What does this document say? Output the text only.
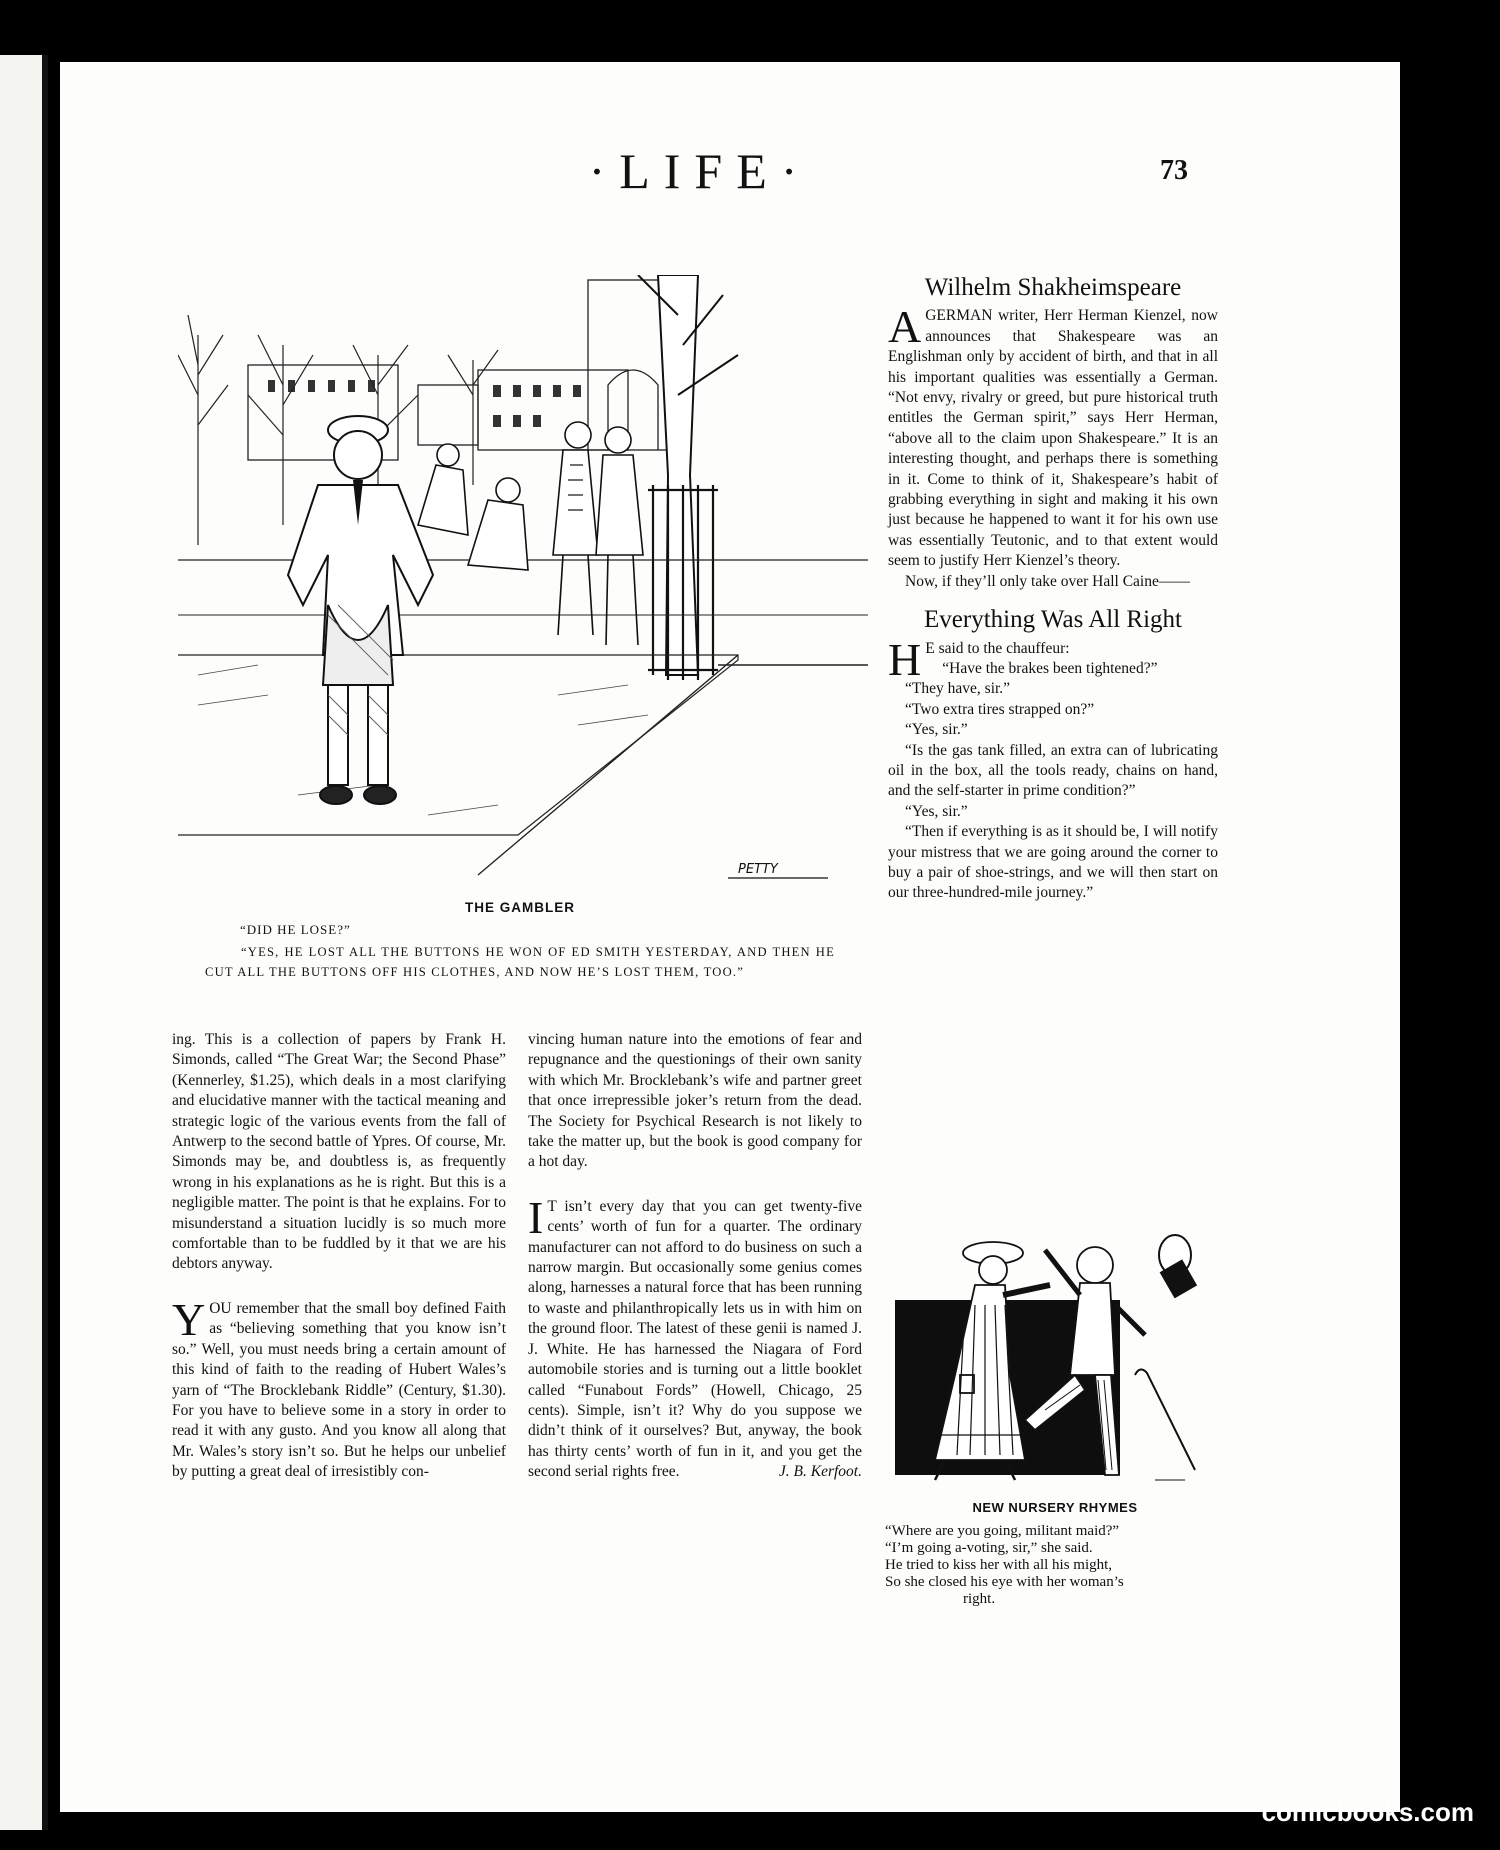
·LIFE·	73
PETTY
THE GAMBLER
“DID HE LOSE?”
“YES, HE LOST ALL THE BUTTONS HE WON OF ED SMITH YESTERDAY, AND THEN HE CUT ALL THE BUTTONS OFF HIS CLOTHES, AND NOW HE’S LOST THEM, TOO.”

ing. This is a collection of papers by Frank H. Simonds, called “The Great War; the Second Phase” (Kennerley, $1.25), which deals in a most clarifying and elucidative manner with the tactical meaning and strategic logic of the various events from the fall of Antwerp to the second battle of Ypres. Of course, Mr. Simonds may be, and doubtless is, as frequently wrong in his explanations as he is right. But this is a negligible matter. The point is that he explains. For to misunderstand a situation lucidly is so much more comfortable than to be fuddled by it that we are his debtors anyway.

YOU remember that the small boy defined Faith as “believing something that you know isn’t so.” Well, you must needs bring a certain amount of this kind of faith to the reading of Hubert Wales’s yarn of “The Brocklebank Riddle” (Century, $1.30). For you have to believe some in a story in order to read it with any gusto. And you know all along that Mr. Wales’s story isn’t so. But he helps our unbelief by putting a great deal of irresistibly con-

vincing human nature into the emotions of fear and repugnance and the questionings of their own sanity with which Mr. Brocklebank’s wife and partner greet that once irrepressible joker’s return from the dead. The Society for Psychical Research is not likely to take the matter up, but the book is good company for a hot day.

I T isn’t every day that you can get twenty-five cents’ worth of fun for a quarter. The ordinary manufacturer can not afford to do business on such a narrow margin. But occasionally some genius comes along, harnesses a natural force that has been running to waste and philanthropically lets us in with him on the ground floor. The latest of these genii is named J. J. White. He has harnessed the Niagara of Ford automobile stories and is turning out a little booklet called “Funabout Fords” (Howell, Chicago, 25 cents). Simple, isn’t it? Why do you suppose we didn’t think of it ourselves? But, anyway, the book has thirty cents’ worth of fun in it, and you get the second serial rights free.	J. B. Kerfoot.

Wilhelm Shakheimspeare

AGERMAN writer, Herr Herman Kienzel, now announces that Shakespeare was an Englishman only by accident of birth, and that in all his important qualities was essentially a German. “Not envy, rivalry or greed, but pure historical truth entitles the German spirit,” says Herr Herman, “above all to the claim upon Shakespeare.” It is an interesting thought, and perhaps there is something in it. Come to think of it, Shakespeare’s habit of grabbing everything in sight and making it his own just because he happened to want it for his own use was essentially Teutonic, and to that extent would seem to justify Herr Kienzel’s theory.

Now, if they’ll only take over Hall Caine——

Everything Was All Right

H E said to the chauffeur:

“Have the brakes been tightened?”

“They have, sir.”

“Two extra tires strapped on?”

“Yes, sir.”

“Is the gas tank filled, an extra can of lubricating oil in the box, all the tools ready, chains on hand, and the self-starter in prime condition?”

“Yes, sir.”

“Then if everything is as it should be, I will notify your mistress that we are going around the corner to buy a pair of shoe-strings, and we will then start on our three-hundred-mile journey.”

NEW NURSERY RHYMES
“Where are you going, militant maid?”
“I’m going a-voting, sir,” she said.
He tried to kiss her with all his might,
So she closed his eye with her woman’s
right.
comicbooks.com
